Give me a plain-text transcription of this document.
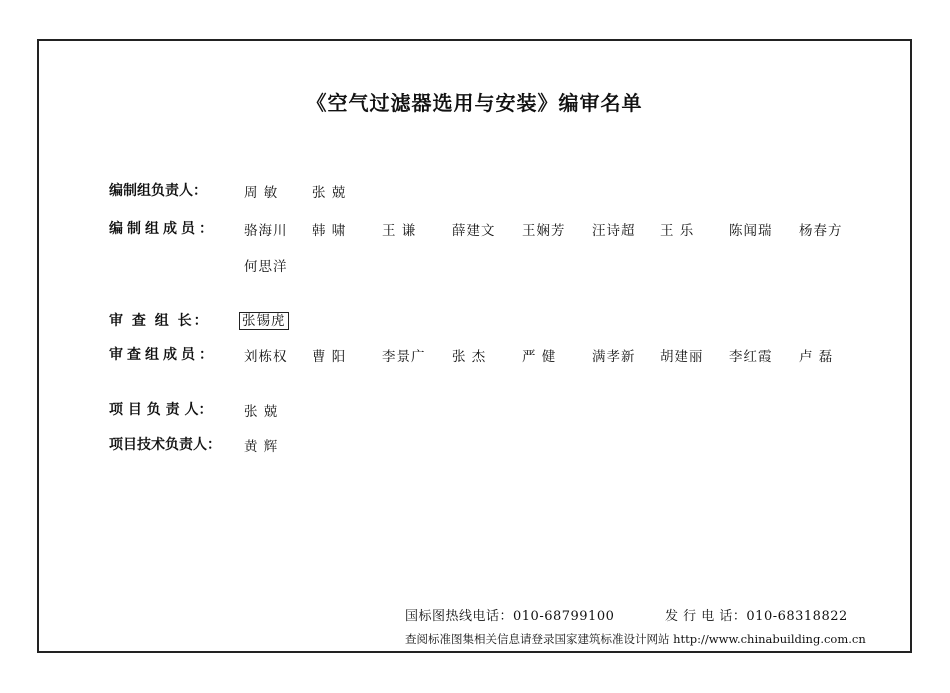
《空气过滤器选用与安装》编审名单
编制组负责人：	周 敏 张 兢
编制组成员： 骆海川 韩 啸	王 谦	薛建文 王娴芳 汪诗超 王 乐	陈闻瑞 杨春方
何思洋
审 查 组 长： 张锡虎
审查组成员： 刘栋权 曹 阳	李景广 张 杰	严 健	满孝新 胡建丽 李红霞 卢 磊
项 目 负 责 人： 张 兢
项目技术负责人： 黄 辉
国标图热线电话：010-68799100	发 行 电 话：010-68318822
查阅标准图集相关信息请登录国家建筑标准设计网站 http://www.chinabuilding.com.cn
